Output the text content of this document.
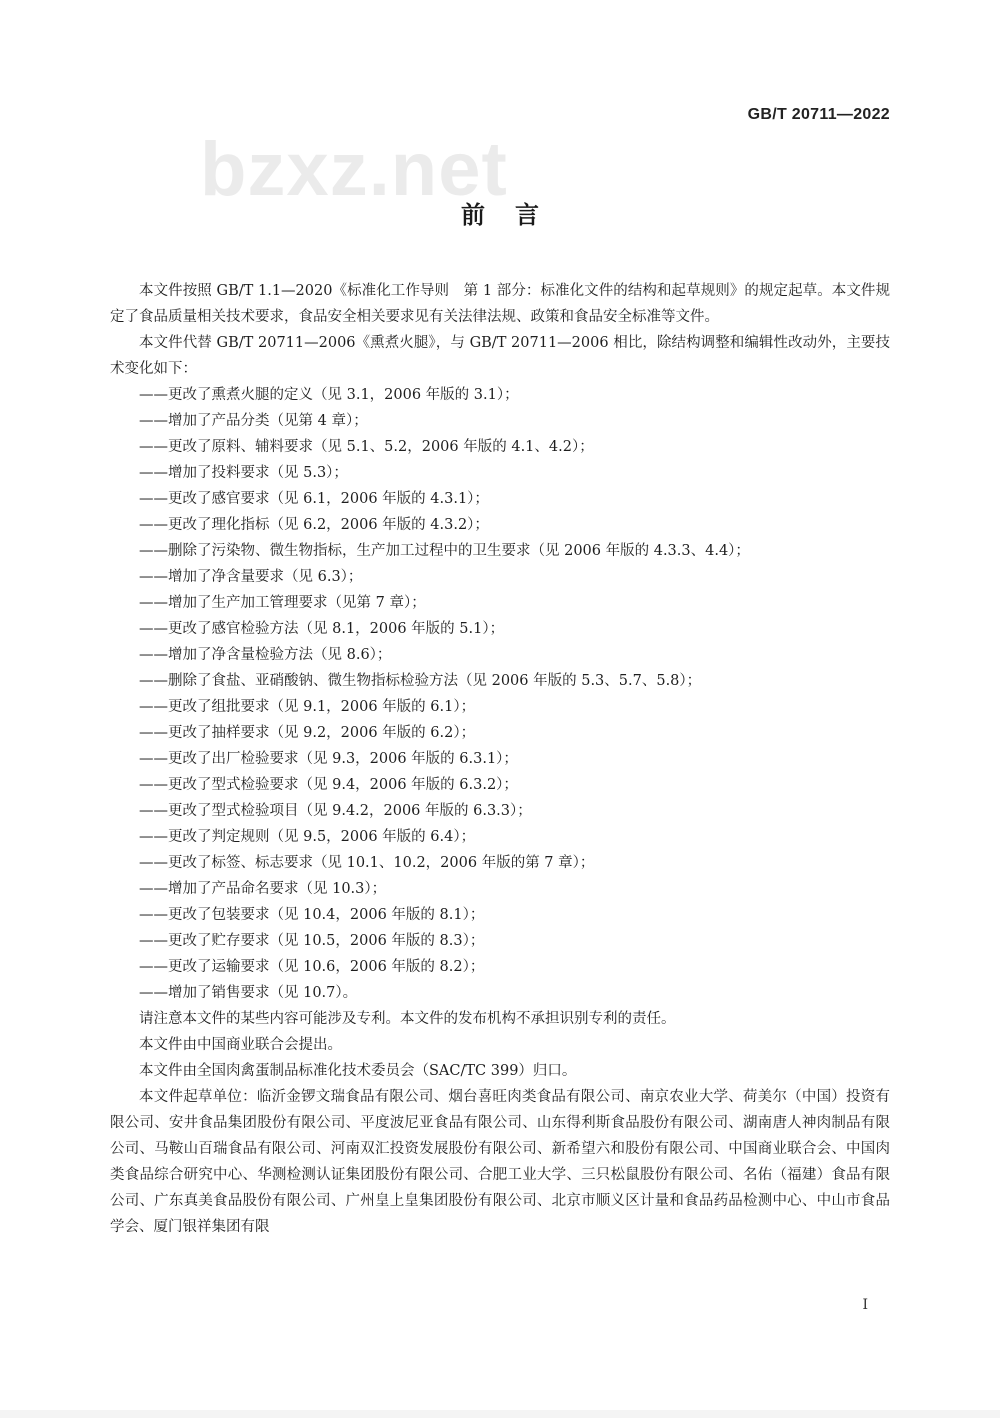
GB/T 20711—2022
bzxz.net
前言

本文件按照 GB/T 1.1—2020《标准化工作导则　第 1 部分：标准化文件的结构和起草规则》的规定起草。本文件规定了食品质量相关技术要求，食品安全相关要求见有关法律法规、政策和食品安全标准等文件。

本文件代替 GB/T 20711—2006《熏煮火腿》，与 GB/T 20711—2006 相比，除结构调整和编辑性改动外，主要技术变化如下：

——更改了熏煮火腿的定义（见 3.1，2006 年版的 3.1）；

——增加了产品分类（见第 4 章）；

——更改了原料、辅料要求（见 5.1、5.2，2006 年版的 4.1、4.2）；

——增加了投料要求（见 5.3）；

——更改了感官要求（见 6.1，2006 年版的 4.3.1）；

——更改了理化指标（见 6.2，2006 年版的 4.3.2）；

——删除了污染物、微生物指标，生产加工过程中的卫生要求（见 2006 年版的 4.3.3、4.4）；

——增加了净含量要求（见 6.3）；

——增加了生产加工管理要求（见第 7 章）；

——更改了感官检验方法（见 8.1，2006 年版的 5.1）；

——增加了净含量检验方法（见 8.6）；

——删除了食盐、亚硝酸钠、微生物指标检验方法（见 2006 年版的 5.3、5.7、5.8）；

——更改了组批要求（见 9.1，2006 年版的 6.1）；

——更改了抽样要求（见 9.2，2006 年版的 6.2）；

——更改了出厂检验要求（见 9.3，2006 年版的 6.3.1）；

——更改了型式检验要求（见 9.4，2006 年版的 6.3.2）；

——更改了型式检验项目（见 9.4.2，2006 年版的 6.3.3）；

——更改了判定规则（见 9.5，2006 年版的 6.4）；

——更改了标签、标志要求（见 10.1、10.2，2006 年版的第 7 章）；

——增加了产品命名要求（见 10.3）；

——更改了包装要求（见 10.4，2006 年版的 8.1）；

——更改了贮存要求（见 10.5，2006 年版的 8.3）；

——更改了运输要求（见 10.6，2006 年版的 8.2）；

——增加了销售要求（见 10.7）。

请注意本文件的某些内容可能涉及专利。本文件的发布机构不承担识别专利的责任。

本文件由中国商业联合会提出。

本文件由全国肉禽蛋制品标准化技术委员会（SAC/TC 399）归口。

本文件起草单位：临沂金锣文瑞食品有限公司、烟台喜旺肉类食品有限公司、南京农业大学、荷美尔（中国）投资有限公司、安井食品集团股份有限公司、平度波尼亚食品有限公司、山东得利斯食品股份有限公司、湖南唐人神肉制品有限公司、马鞍山百瑞食品有限公司、河南双汇投资发展股份有限公司、新希望六和股份有限公司、中国商业联合会、中国肉类食品综合研究中心、华测检测认证集团股份有限公司、合肥工业大学、三只松鼠股份有限公司、名佑（福建）食品有限公司、广东真美食品股份有限公司、广州皇上皇集团股份有限公司、北京市顺义区计量和食品药品检测中心、中山市食品学会、厦门银祥集团有限

I
